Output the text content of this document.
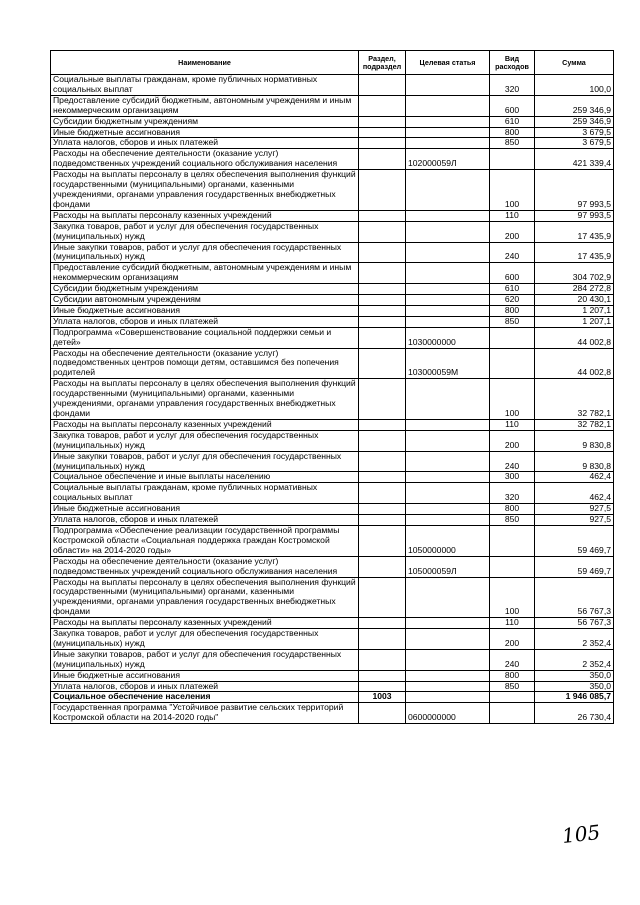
Наименование	Раздел, подраздел	Целевая статья	Вид расходов	Сумма
Социальные выплаты гражданам, кроме публичных нормативных социальных выплат			320	100,0
Предоставление субсидий бюджетным, автономным учреждениям и иным некоммерческим организациям			600	259 346,9
Субсидии бюджетным учреждениям			610	259 346,9
Иные бюджетные ассигнования			800	3 679,5
Уплата налогов, сборов и иных платежей			850	3 679,5
Расходы на обеспечение деятельности (оказание услуг) подведомственных учреждений социального обслуживания населения		102000059Л		421 339,4
Расходы на выплаты персоналу в целях обеспечения выполнения функций государственными (муниципальными) органами, казенными учреждениями, органами управления государственных внебюджетных фондами			100	97 993,5
Расходы на выплаты персоналу казенных учреждений			110	97 993,5
Закупка товаров, работ и услуг для обеспечения государственных (муниципальных) нужд			200	17 435,9
Иные закупки товаров, работ и услуг для обеспечения государственных (муниципальных) нужд			240	17 435,9
Предоставление субсидий бюджетным, автономным учреждениям и иным некоммерческим организациям			600	304 702,9
Субсидии бюджетным учреждениям			610	284 272,8
Субсидии автономным учреждениям			620	20 430,1
Иные бюджетные ассигнования			800	1 207,1
Уплата налогов, сборов и иных платежей			850	1 207,1
Подпрограмма «Совершенствование социальной поддержки семьи и детей»		1030000000		44 002,8
Расходы на обеспечение деятельности (оказание услуг) подведомственных центров помощи детям, оставшимся без попечения родителей		103000059М		44 002,8
Расходы на выплаты персоналу в целях обеспечения выполнения функций государственными (муниципальными) органами, казенными учреждениями, органами управления государственных внебюджетных фондами			100	32 782,1
Расходы на выплаты персоналу казенных учреждений			110	32 782,1
Закупка товаров, работ и услуг для обеспечения государственных (муниципальных) нужд			200	9 830,8
Иные закупки товаров, работ и услуг для обеспечения государственных (муниципальных) нужд			240	9 830,8
Социальное обеспечение и иные выплаты населению			300	462,4
Социальные выплаты гражданам, кроме публичных нормативных социальных выплат			320	462,4
Иные бюджетные ассигнования			800	927,5
Уплата налогов, сборов и иных платежей			850	927,5
Подпрограмма «Обеспечение реализации государственной программы Костромской области «Социальная поддержка граждан Костромской области» на 2014-2020 годы»		1050000000		59 469,7
Расходы на обеспечение деятельности (оказание услуг) подведомственных учреждений социального обслуживания населения		105000059Л		59 469,7
Расходы на выплаты персоналу в целях обеспечения выполнения функций государственными (муниципальными) органами, казенными учреждениями, органами управления государственных внебюджетных фондами			100	56 767,3
Расходы на выплаты персоналу казенных учреждений			110	56 767,3
Закупка товаров, работ и услуг для обеспечения государственных (муниципальных) нужд			200	2 352,4
Иные закупки товаров, работ и услуг для обеспечения государственных (муниципальных) нужд			240	2 352,4
Иные бюджетные ассигнования			800	350,0
Уплата налогов, сборов и иных платежей			850	350,0
Социальное обеспечение населения	1003			1 946 085,7
Государственная программа "Устойчивое развитие сельских территорий Костромской области на 2014-2020 годы"		0600000000		26 730,4
105
